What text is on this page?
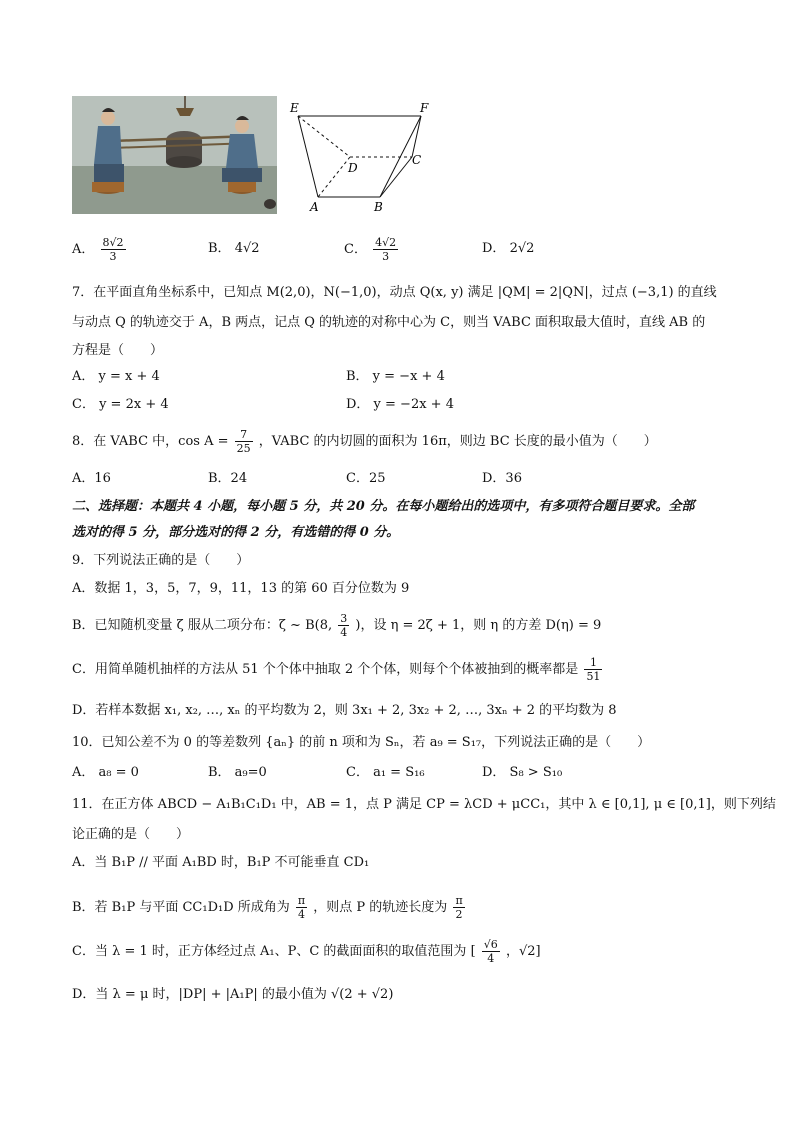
E	F
D
C
A	B
A． $\frac{8√2}{3}$	B． 4√2	C． $\frac{4√2}{3}$	D． 2√2
7．在平面直角坐标系中，已知点 M(2,0)，N(−1,0)，动点 Q(x, y) 满足 |QM| = 2|QN|，过点 (−3,1) 的直线
与动点 Q 的轨迹交于 A，B 两点，记点 Q 的轨迹的对称中心为 C，则当 VABC 面积取最大值时，直线 AB 的
方程是（　　）
A． y = x + 4	B． y = −x + 4
C． y = 2x + 4	D． y = −2x + 4
8．在 VABC 中，$\cos A = \frac{7}{25}$ ，VABC 的内切圆的面积为 16π，则边 BC 长度的最小值为（　　）
A．16	B．24	C．25	D．36
二、选择题：本题共 4 小题，每小题 5 分，共 20 分。在每小题给出的选项中，有多项符合题目要求。全部
选对的得 5 分，部分选对的得 2 分，有选错的得 0 分。
9．下列说法正确的是（　　）
A．数据 1，3，5，7，9，11，13 的第 60 百分位数为 9
B．已知随机变量 ζ 服从二项分布：ζ ~ B(8, $\frac{3}{4}$ )，设 η = 2ζ + 1，则 η 的方差 D(η) = 9
C．用简单随机抽样的方法从 51 个个体中抽取 2 个个体，则每个个体被抽到的概率都是 $\frac{1}{51}$
D．若样本数据 x₁, x₂, …, xₙ 的平均数为 2，则 3x₁ + 2, 3x₂ + 2, …, 3xₙ + 2 的平均数为 8
10．已知公差不为 0 的等差数列 {aₙ} 的前 n 项和为 Sₙ，若 a₉ = S₁₇，下列说法正确的是（　　）
A． a₈ = 0	B． a₉=0	C． a₁ = S₁₆	D． S₈ > S₁₀
11．在正方体 ABCD − A₁B₁C₁D₁ 中，AB = 1，点 P 满足 CP = λCD + μCC₁，其中 λ ∈ [0,1], μ ∈ [0,1]，则下列结
论正确的是（　　）
A．当 B₁P // 平面 A₁BD 时，B₁P 不可能垂直 CD₁
B．若 B₁P 与平面 CC₁D₁D 所成角为 $\frac{\pi}{4}$ ，则点 P 的轨迹长度为 $\frac{\pi}{2}$
C．当 λ = 1 时，正方体经过点 A₁、P、C 的截面面积的取值范围为 [ $\frac{√6}{4}$ ，√2]
D．当 λ = μ 时，|DP| + |A₁P| 的最小值为 √(2 + √2)
